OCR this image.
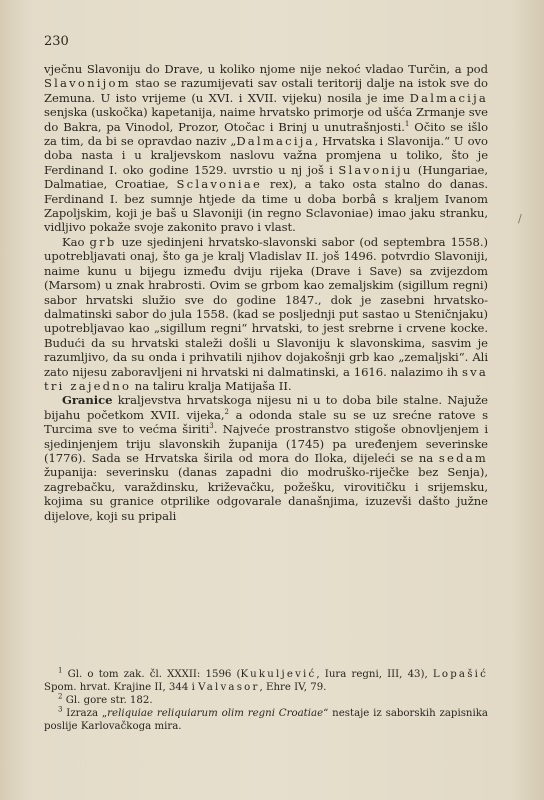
230

vječnu Slavoniju do Drave, u koliko njome nije nekoć vladao Turčin, a pod Slavonijom stao se razumijevati sav ostali teritorij dalje na istok sve do Zemuna. U isto vrijeme (u XVI. i XVII. vijeku) nosila je ime Dalmacija senjska (uskočka) kapetanija, naime hrvatsko primorje od ušća Zrmanje sve do Bakra, pa Vinodol, Prozor, Otočac i Brinj u unutrašnjosti.$^1$ Očito se išlo za tim, da bi se opravdao naziv „Dalmacija, Hrvatska i Slavonija.“ U ovo doba nasta i u kraljevskom naslovu važna promjena u toliko, što je Ferdinand I. oko godine 1529. uvrstio u nj još i Slavoniju (Hungariae, Dalmatiae, Croatiae, Sclavoniae rex), a tako osta stalno do danas. Ferdinand I. bez sumnje htjede da time u doba borbâ s kraljem Ivanom Zapoljskim, koji je baš u Slavoniji (in regno Sclavoniae) imao jaku stranku, vidljivo pokaže svoje zakonito pravo i vlast.

Kao grb uze sjedinjeni hrvatsko-slavonski sabor (od septembra 1558.) upotrebljavati onaj, što ga je kralj Vladislav II. još 1496. potvrdio Slavoniji, naime kunu u bijegu između dviju rijeka (Drave i Save) sa zvijezdom (Marsom) u znak hrabrosti. Ovim se grbom kao zemaljskim (sigillum regni) sabor hrvatski služio sve do godine 1847., dok je zasebni hrvatsko-dalmatinski sabor do jula 1558. (kad se posljednji put sastao u Steničnjaku) upotrebljavao kao „sigillum regni“ hrvatski, to jest srebrne i crvene kocke. Budući da su hrvatski staleži došli u Slavoniju k slavonskima, sasvim je razumljivo, da su onda i prihvatili njihov dojakošnji grb kao „zemaljski“. Ali zato nijesu zaboravljeni ni hrvatski ni dalmatinski, a 1616. nalazimo ih sva tri zajedno na taliru kralja Matijaša II.

Granice kraljevstva hrvatskoga nijesu ni u to doba bile stalne. Najuže bijahu početkom XVII. vijeka,$^2$ a odonda stale su se uz srećne ratove s Turcima sve to većma širiti$^3$. Najveće prostranstvo stigoše obnovljenjem i sjedinjenjem triju slavonskih županija (1745) pa uređenjem severinske (1776). Sada se Hrvatska širila od mora do Iloka, dijeleći se na sedam županija: severinsku (danas zapadni dio modruško-riječke bez Senja), zagrebačku, varaždinsku, križevačku, požešku, virovitičku i srijemsku, kojima su granice otprilike odgovarale današnjima, izuzevši dašto južne dijelove, koji su pripali

/

$^1$ Gl. o tom zak. čl. XXXII: 1596 (Kukuljević, Iura regni, III, 43), Lopašić Spom. hrvat. Krajine II, 344 i Valvasor, Ehre IV, 79.

$^2$ Gl. gore str. 182.

$^3$ Izraza „reliquiae reliquiarum olim regni Croatiae“ nestaje iz saborskih zapisnika poslije Karlovačkoga mira.
